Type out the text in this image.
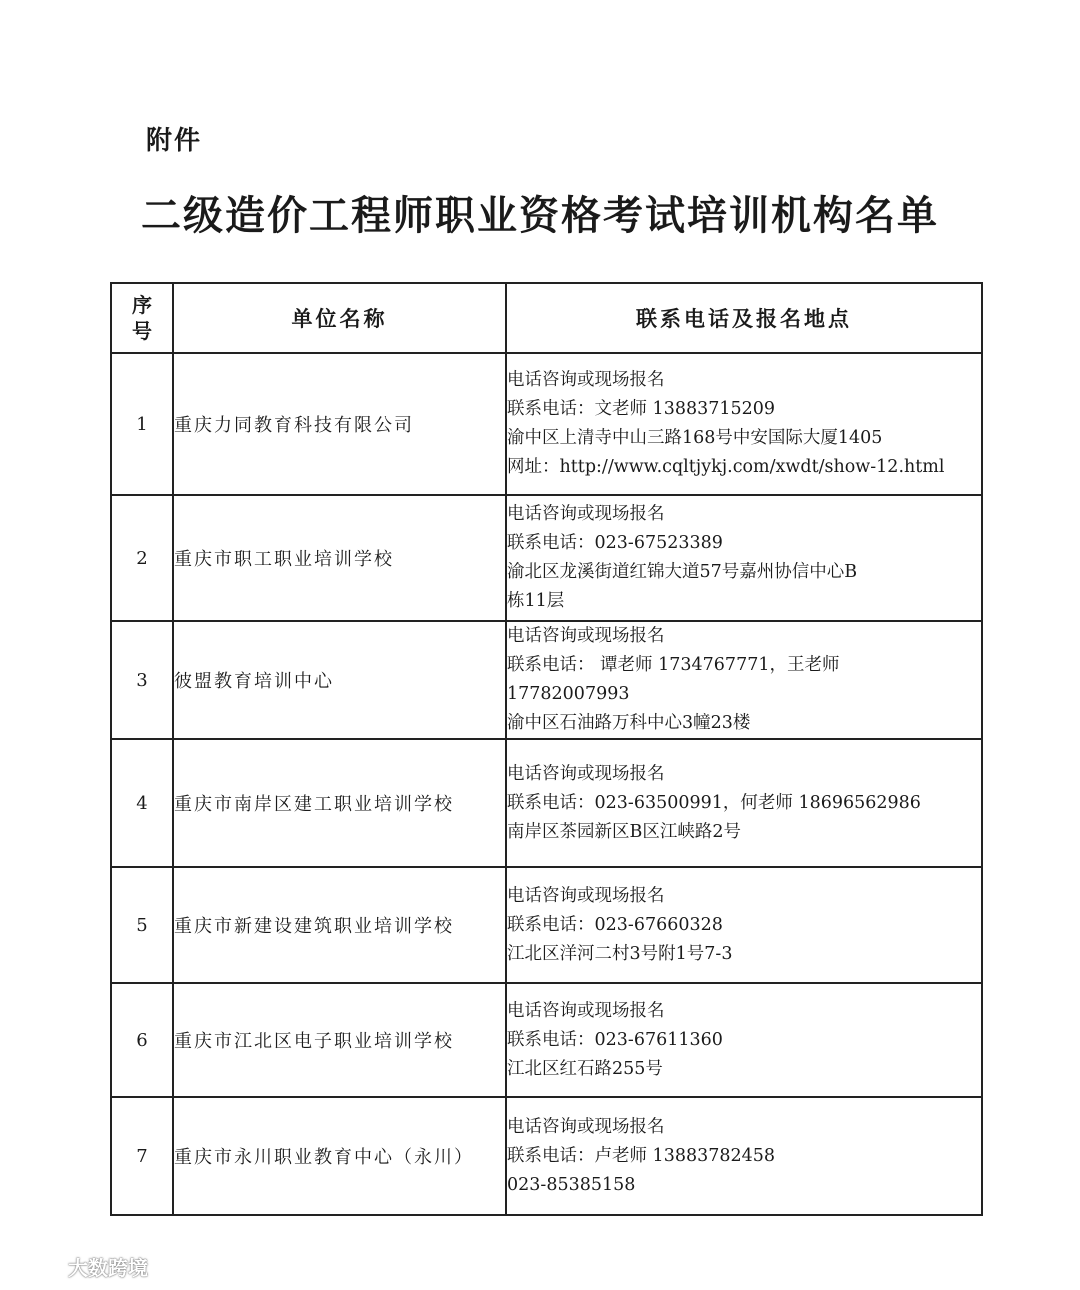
附件
二级造价工程师职业资格考试培训机构名单
序
号	单位名称	联系电话及报名地点
1	重庆力同教育科技有限公司	电话咨询或现场报名
联系电话：文老师 13883715209
渝中区上清寺中山三路168号中安国际大厦1405
网址：http://www.cqltjykj.com/xwdt/show-12.html

2	重庆市职工职业培训学校	电话咨询或现场报名
联系电话：023-67523389
渝北区龙溪街道红锦大道57号嘉州协信中心B
栋11层

3	彼盟教育培训中心	电话咨询或现场报名
联系电话： 谭老师 1734767771，王老师
17782007993
渝中区石油路万科中心3幢23楼

4	重庆市南岸区建工职业培训学校	电话咨询或现场报名
联系电话：023-63500991，何老师 18696562986
南岸区茶园新区B区江峡路2号

5	重庆市新建设建筑职业培训学校	电话咨询或现场报名
联系电话：023-67660328
江北区洋河二村3号附1号7-3

6	重庆市江北区电子职业培训学校	电话咨询或现场报名
联系电话：023-67611360
江北区红石路255号

7	重庆市永川职业教育中心（永川）	电话咨询或现场报名
联系电话：卢老师 13883782458
023-85385158
大数跨境
